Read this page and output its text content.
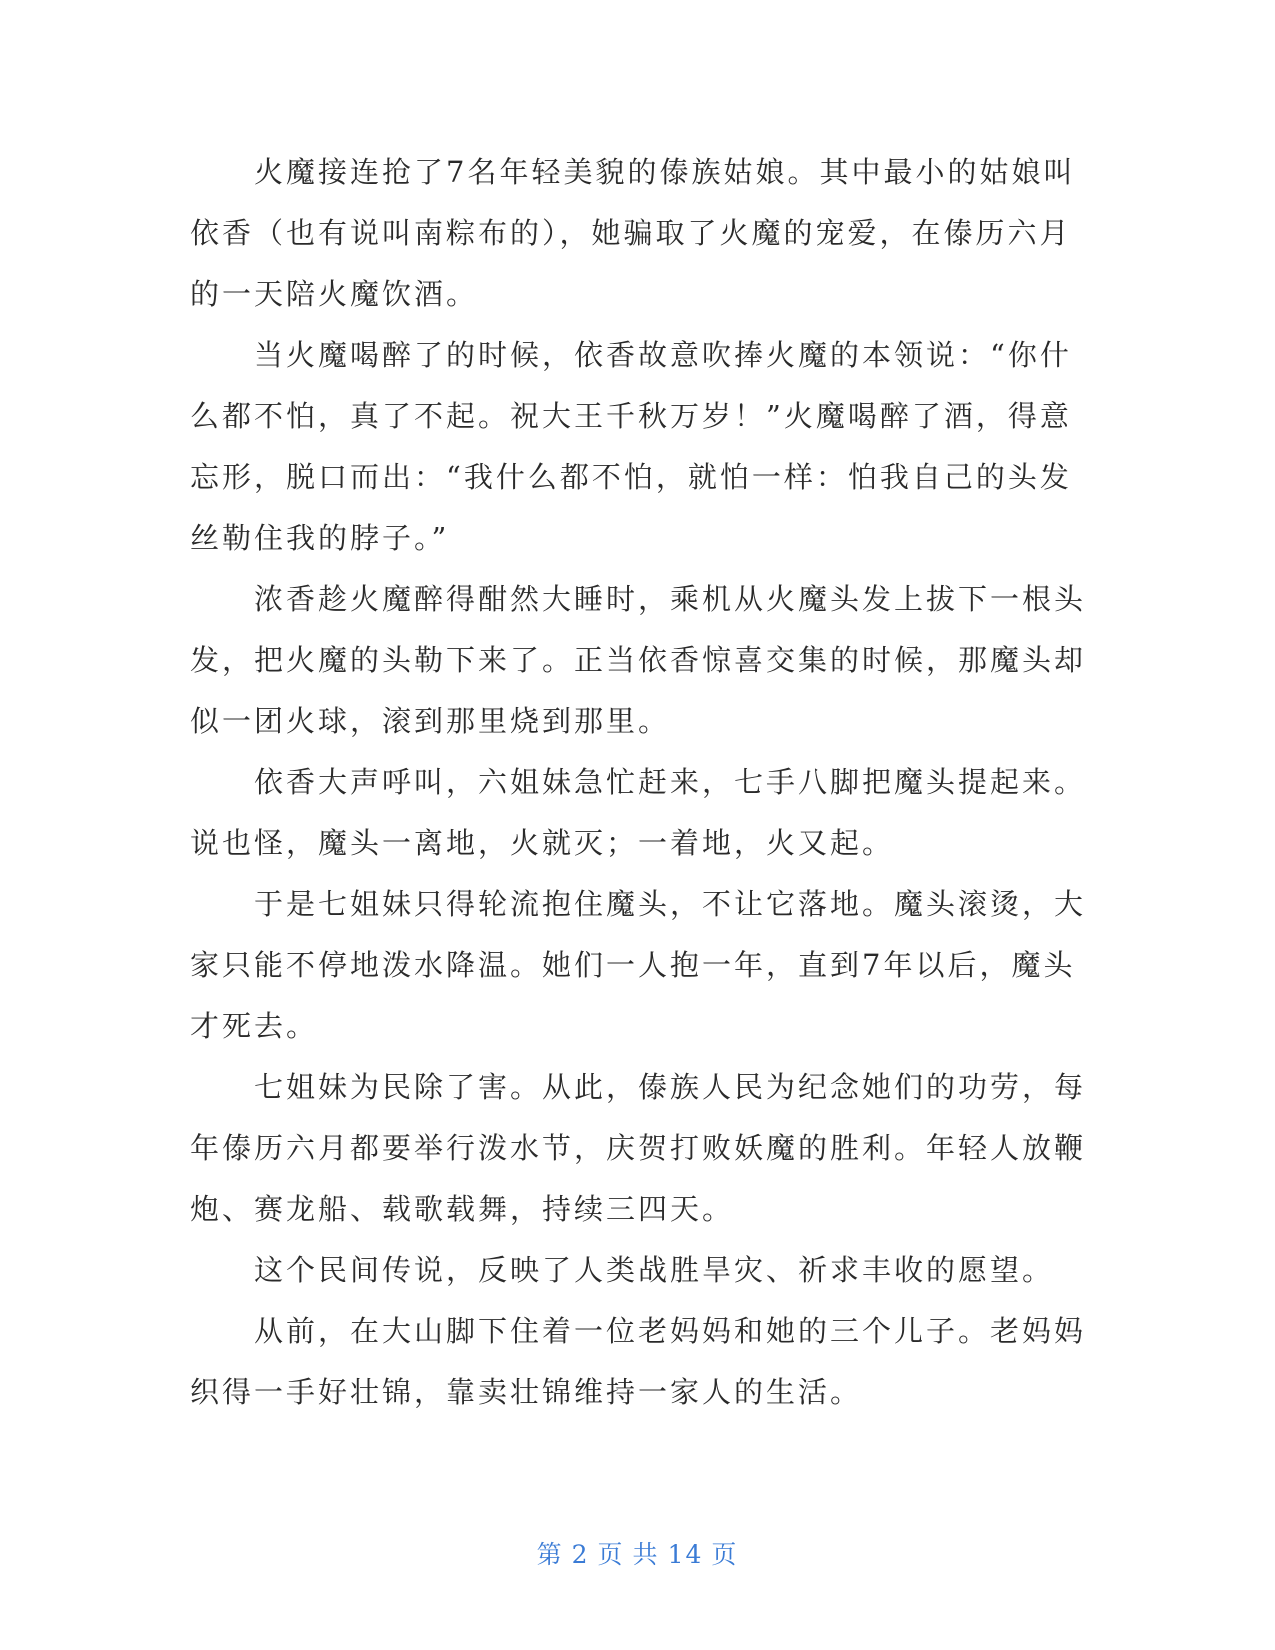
火魔接连抢了7名年轻美貌的傣族姑娘。其中最小的姑娘叫依香（也有说叫南粽布的），她骗取了火魔的宠爱，在傣历六月的一天陪火魔饮酒。

当火魔喝醉了的时候，依香故意吹捧火魔的本领说：“你什么都不怕，真了不起。祝大王千秋万岁！”火魔喝醉了酒，得意忘形，脱口而出：“我什么都不怕，就怕一样：怕我自己的头发丝勒住我的脖子。”

浓香趁火魔醉得酣然大睡时，乘机从火魔头发上拔下一根头发，把火魔的头勒下来了。正当依香惊喜交集的时候，那魔头却似一团火球，滚到那里烧到那里。

依香大声呼叫，六姐妹急忙赶来，七手八脚把魔头提起来。说也怪，魔头一离地，火就灭；一着地，火又起。

于是七姐妹只得轮流抱住魔头，不让它落地。魔头滚烫，大家只能不停地泼水降温。她们一人抱一年，直到7年以后，魔头才死去。

七姐妹为民除了害。从此，傣族人民为纪念她们的功劳，每年傣历六月都要举行泼水节，庆贺打败妖魔的胜利。年轻人放鞭炮、赛龙船、载歌载舞，持续三四天。

这个民间传说，反映了人类战胜旱灾、祈求丰收的愿望。

从前，在大山脚下住着一位老妈妈和她的三个儿子。老妈妈织得一手好壮锦，靠卖壮锦维持一家人的生活。

第 2 页 共 14 页
